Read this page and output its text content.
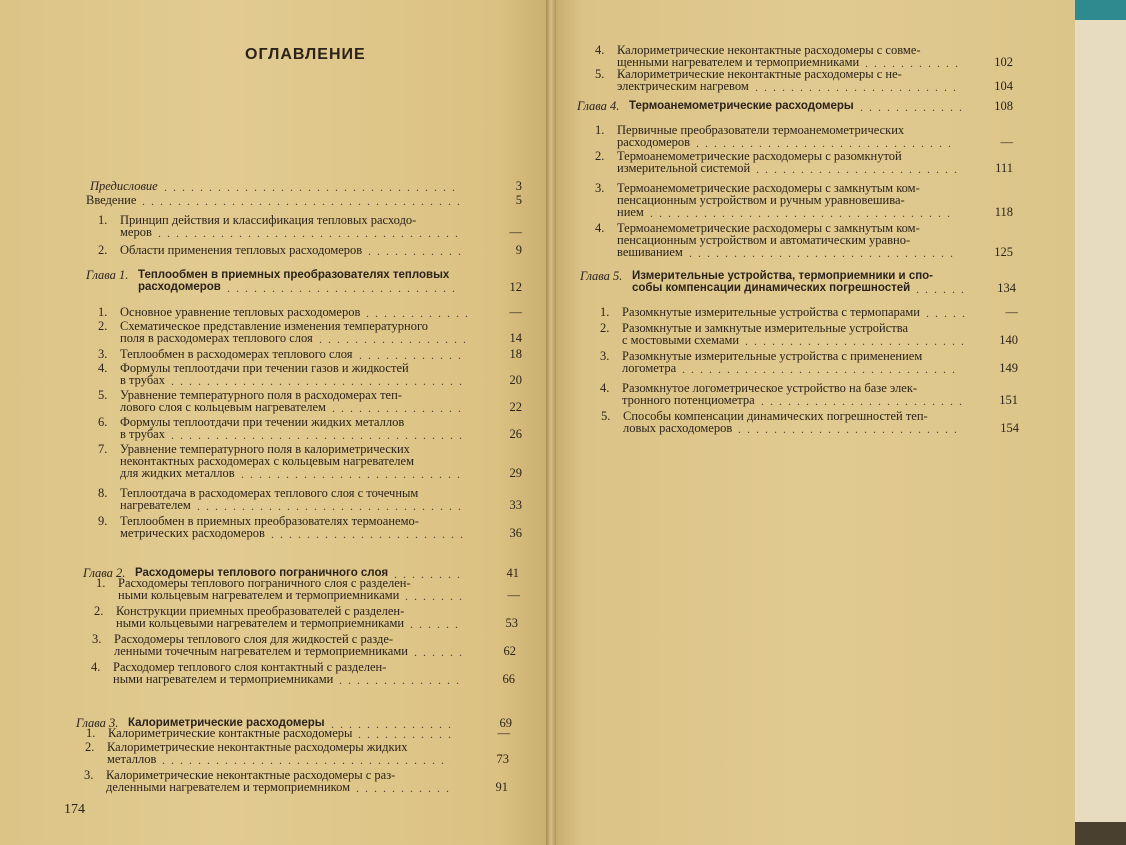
ОГЛАВЛЕНИЕ
Предисловие .................................	3
Введение ....................................	5
1. Принцип действия и классификация тепловых расходо-
меров ..................................	—
2. Области применения тепловых расходомеров ...........	9
Глава 1. Теплообмен в приемных преобразователях тепловых
расходомеров ..........................	12
1. Основное уравнение тепловых расходомеров ............	—
2. Схематическое представление изменения температурного
поля в расходомерах теплового слоя .................	14
3. Теплообмен в расходомерах теплового слоя ............	18
4. Формулы теплоотдачи при течении газов и жидкостей
в трубах .................................	20
5. Уравнение температурного поля в расходомерах теп-
лового слоя с кольцевым нагревателем ...............	22
6. Формулы теплоотдачи при течении жидких металлов
в трубах .................................	26
7. Уравнение температурного поля в калориметрических
неконтактных расходомерах с кольцевым нагревателем
для жидких металлов .........................	29
8. Теплоотдача в расходомерах теплового слоя с точечным
нагревателем ..............................	33
9. Теплообмен в приемных преобразователях термоанемо-
метрических расходомеров ......................	36
Глава 2. Расходомеры теплового пограничного слоя ........	41
1. Расходомеры теплового пограничного слоя с разделен-
ными кольцевым нагревателем и термоприемниками .......	—
2. Конструкции приемных преобразователей с разделен-
ными кольцевыми нагревателем и термоприемниками ......	53
3. Расходомеры теплового слоя для жидкостей с разде-
ленными точечным нагревателем и термоприемниками ......	62
4. Расходомер теплового слоя контактный с разделен-
ными нагревателем и термоприемниками ..............	66
Глава 3. Калориметрические расходомеры ..............	69
1. Калориметрические контактные расходомеры ...........	—
2. Калориметрические неконтактные расходомеры жидких
металлов ................................	73
3. Калориметрические неконтактные расходомеры с раз-
деленными нагревателем и термоприемником ...........	91
174
4. Калориметрические неконтактные расходомеры с совме-
щенными нагревателем и термоприемниками ...........	102
5. Калориметрические неконтактные расходомеры с не-
электрическим нагревом .......................	104
Глава 4. Термоанемометрические расходомеры ............	108
1. Первичные преобразователи термоанемометрических
расходомеров .............................	—
2. Термоанемометрические расходомеры с разомкнутой
измерительной системой .......................	111
3. Термоанемометрические расходомеры с замкнутым ком-
пенсационным устройством и ручным уравновешива-
нием ..................................	118
4. Термоанемометрические расходомеры с замкнутым ком-
пенсационным устройством и автоматическим уравно-
вешиванием ..............................	125
Глава 5. Измерительные устройства, термоприемники и спо-
собы компенсации динамических погрешностей ......	134
1. Разомкнутые измерительные устройства с термопарами .....	—
2. Разомкнутые и замкнутые измерительные устройства
с мостовыми схемами .........................	140
3. Разомкнутые измерительные устройства с применением
логометра ...............................	149
4. Разомкнутое логометрическое устройство на базе элек-
тронного потенциометра .......................	151
5. Способы компенсации динамических погрешностей теп-
ловых расходомеров .........................	154
